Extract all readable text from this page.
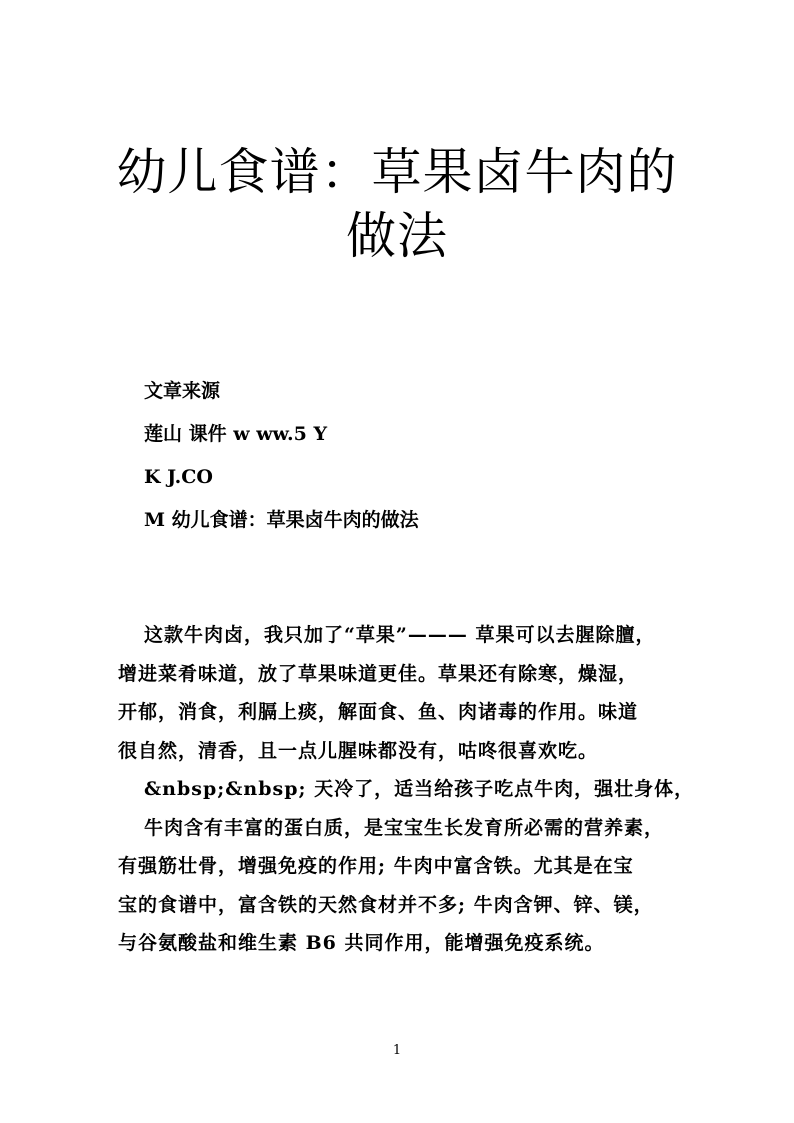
幼儿食谱：草果卤牛肉的
做法
文章来源
莲山 课件 w ww.5 Y
K J.CO
M 幼儿食谱：草果卤牛肉的做法
这款牛肉卤，我只加了“草果”——— 草果可以去腥除膻，
增进菜肴味道，放了草果味道更佳。草果还有除寒，燥湿，
开郁，消食，利膈上痰，解面食、鱼、肉诸毒的作用。味道
很自然，清香，且一点儿腥味都没有，咕咚很喜欢吃。
&nbsp;&nbsp; 天冷了，适当给孩子吃点牛肉，强壮身体，
牛肉含有丰富的蛋白质，是宝宝生长发育所必需的营养素，
有强筋壮骨，增强免疫的作用; 牛肉中富含铁。尤其是在宝
宝的食谱中，富含铁的天然食材并不多; 牛肉含钾、锌、镁，
与谷氨酸盐和维生素 B6 共同作用，能增强免疫系统。
1
